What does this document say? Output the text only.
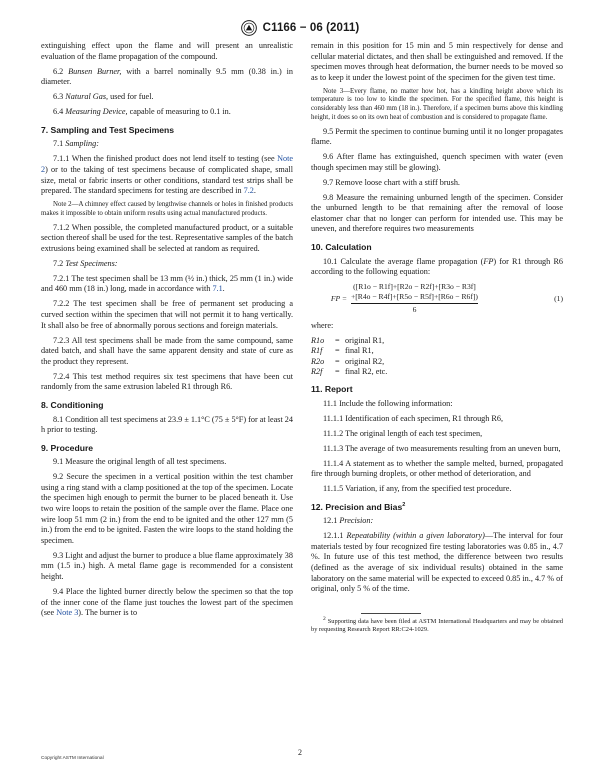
C1166 − 06 (2011)

extinguishing effect upon the flame and will present an unrealistic evaluation of the flame propagation of the compound.

6.2 Bunsen Burner, with a barrel nominally 9.5 mm (0.38 in.) in diameter.

6.3 Natural Gas, used for fuel.

6.4 Measuring Device, capable of measuring to 0.1 in.

7. Sampling and Test Specimens

7.1 Sampling:

7.1.1 When the finished product does not lend itself to testing (see Note 2) or to the taking of test specimens because of complicated shape, small size, metal or fabric inserts or other conditions, standard test strips shall be prepared. The standard specimens for testing are described in 7.2.

Note 2—A chimney effect caused by lengthwise channels or holes in finished products makes it impossible to obtain uniform results using actual manufactured products.

7.1.2 When possible, the completed manufactured product, or a suitable section thereof shall be used for the test. Representative samples of the batch extrusions being examined shall be selected at random as required.

7.2 Test Specimens:

7.2.1 The test specimen shall be 13 mm (½ in.) thick, 25 mm (1 in.) wide and 460 mm (18 in.) long, made in accordance with 7.1.

7.2.2 The test specimen shall be free of permanent set producing a curved section within the specimen that will not permit it to hang vertically. It shall also be free of abnormally porous sections and foreign materials.

7.2.3 All test specimens shall be made from the same compound, same dated batch, and shall have the same apparent density and state of cure as the product they represent.

7.2.4 This test method requires six test specimens that have been cut randomly from the same extrusion labeled R1 through R6.

8. Conditioning

8.1 Condition all test specimens at 23.9 ± 1.1°C (75 ± 5°F) for at least 24 h prior to testing.

9. Procedure

9.1 Measure the original length of all test specimens.

9.2 Secure the specimen in a vertical position within the test chamber using a ring stand with a clamp positioned at the top of the specimen. Locate the specimen high enough to permit the burner to be placed beneath it. Use two wire loops to retain the position of the sample over the flame. Place one wire loop 51 mm (2 in.) from the end to be ignited and the other 127 mm (5 in.) from the end to be ignited. Fasten the wire loops to the stand holding the specimen.

9.3 Light and adjust the burner to produce a blue flame approximately 38 mm (1.5 in.) high. A metal flame gage is recommended for a consistent height.

9.4 Place the lighted burner directly below the specimen so that the top of the inner cone of the flame just touches the lowest part of the specimen (see Note 3). The burner is to

remain in this position for 15 min and 5 min respectively for dense and cellular material dictates, and then shall be extinguished and removed. If the specimen moves through heat deformation, the burner needs to be moved so as to keep it under the lowest point of the specimen for the given test time.

Note 3—Every flame, no matter how hot, has a kindling height above which its temperature is too low to kindle the specimen. For the specified flame, this height is considerably less than 460 mm (18 in.). Therefore, if a specimen burns above this kindling height, it does so on its own heat of combustion and is considered to propagate flame.

9.5 Permit the specimen to continue burning until it no longer propagates flame.

9.6 After flame has extinguished, quench specimen with water (even though specimen may still be glowing).

9.7 Remove loose chart with a stiff brush.

9.8 Measure the remaining unburned length of the specimen. Consider the unburned length to be that remaining after the removal of loose elastomer char that no longer can perform for intended use. This may be uneven, and therefore requires two measurements

10. Calculation

10.1 Calculate the average flame propagation (FP) for R1 through R6 according to the following equation:

FP =
([R1o − R1f]+[R2o − R2f]+[R3o − R3f]
+[R4o − R4f]+[R5o − R5f]+[R6o − R6f])
6
(1)

where:

R1o	= original R1,
R1f	= final R1,
R2o	= original R2,
R2f	= final R2, etc.
11. Report

11.1 Include the following information:

11.1.1 Identification of each specimen, R1 through R6,

11.1.2 The original length of each test specimen,

11.1.3 The average of two measurements resulting from an uneven burn,

11.1.4 A statement as to whether the sample melted, burned, propagated fire through burning droplets, or other method of deterioration, and

11.1.5 Variation, if any, from the specified test procedure.

12. Precision and Bias$^2$

12.1 Precision:

12.1.1 Repeatability (within a given laboratory)—The interval for four materials tested by four recognized fire testing laboratories was 0.85 in., 4.7 %. In future use of this test method, the difference between two results (defined as the average of six individual results) obtained in the same laboratory on the same material will be expected to exceed 0.85 in., 4.7 % of original, only 5 % of the time.

$^2$ Supporting data have been filed at ASTM International Headquarters and may be obtained by requesting Research Report RR:C24-1029.

2
Copyright ASTM International
